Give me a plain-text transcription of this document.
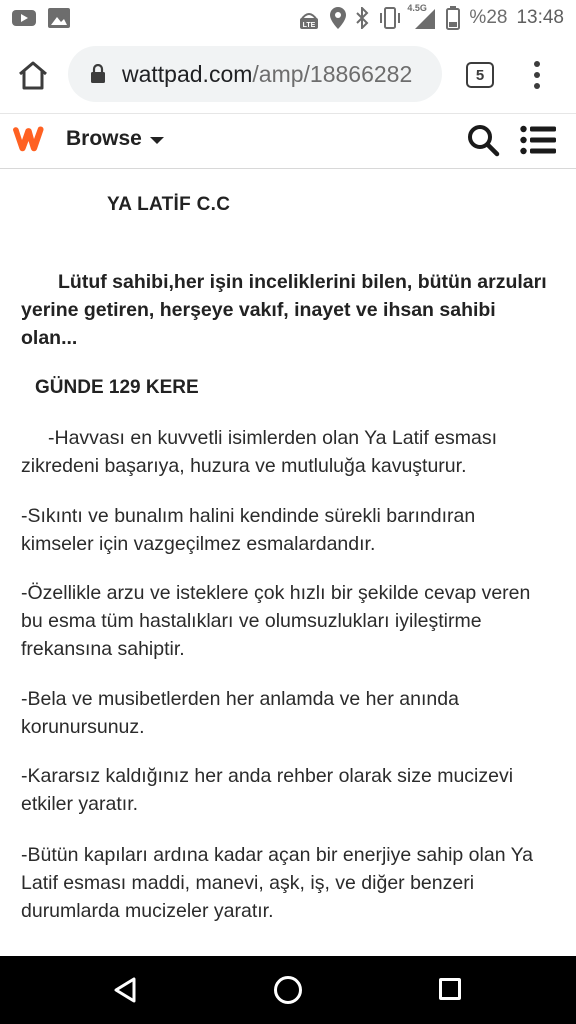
LTE
4.5G %28 13:48
wattpad.com/amp/18866282	5
Browse
YA LATİF C.C
Lütuf sahibi,her işin inceliklerini bilen, bütün arzuları yerine getiren, herşeye vakıf, inayet ve ihsan sahibi olan...
GÜNDE 129 KERE
-Havvası en kuvvetli isimlerden olan Ya Latif esması zikredeni başarıya, huzura ve mutluluğa kavuşturur.
-Sıkıntı ve bunalım halini kendinde sürekli barındıran kimseler için vazgeçilmez esmalardandır.
-Özellikle arzu ve isteklere çok hızlı bir şekilde cevap veren bu esma tüm hastalıkları ve olumsuzlukları iyileştirme frekansına sahiptir.
-Bela ve musibetlerden her anlamda ve her anında korunursunuz.
-Kararsız kaldığınız her anda rehber olarak size mucizevi etkiler yaratır.
-Bütün kapıları ardına kadar açan bir enerjiye sahip olan Ya Latif esması maddi, manevi, aşk, iş, ve diğer benzeri durumlarda mucizeler yaratır.
